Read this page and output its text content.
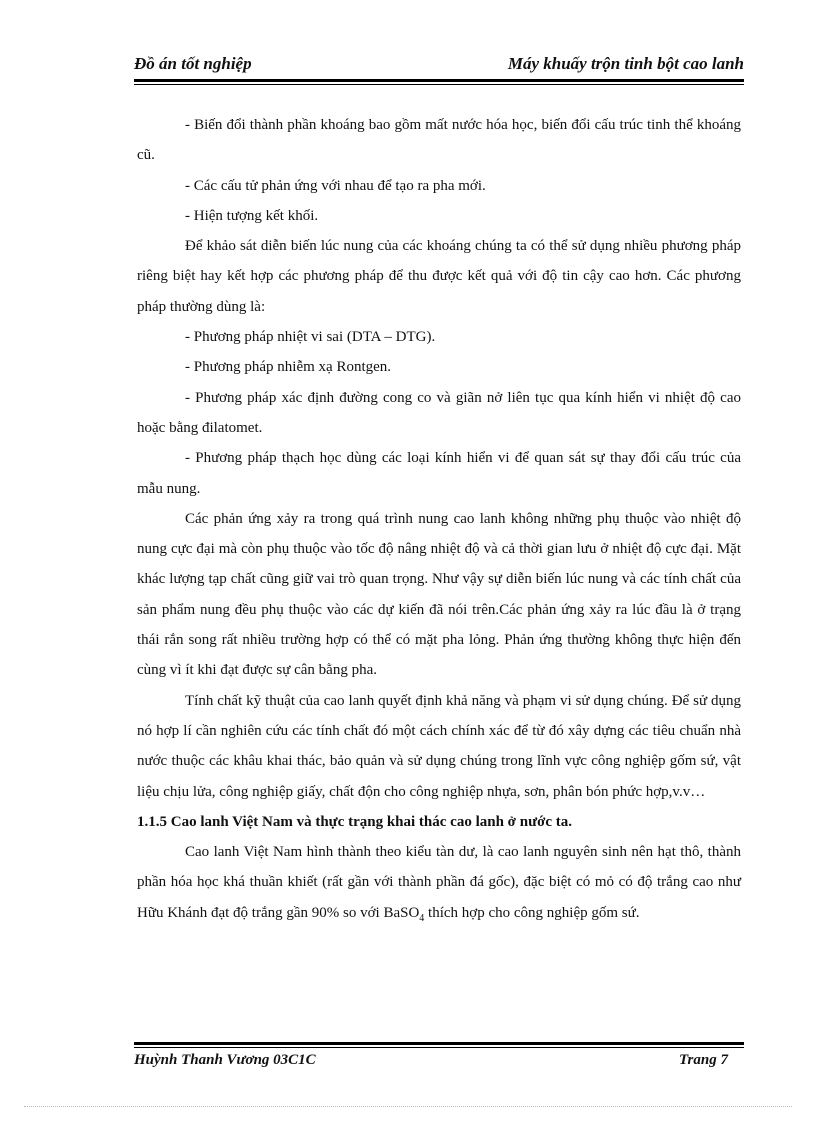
Đồ án tốt nghiệp	Máy khuấy trộn tinh bột cao lanh

- Biến đổi thành phần khoáng bao gồm mất nước hóa học, biến đổi cấu trúc tinh thể khoáng cũ.

- Các cấu tử phản ứng với nhau để tạo ra pha mới.

- Hiện tượng kết khối.

Để khảo sát diễn biến lúc nung của các khoáng chúng ta có thể sử dụng nhiều phương pháp riêng biệt hay kết hợp các phương pháp để thu được kết quả với độ tin cậy cao hơn. Các phương pháp thường dùng là:

- Phương pháp nhiệt vi sai (DTA – DTG).

- Phương pháp nhiễm xạ Rontgen.

- Phương pháp xác định đường cong co và giãn nở liên tục qua kính hiển vi nhiệt độ cao hoặc bằng đilatomet.

- Phương pháp thạch học dùng các loại kính hiển vi để quan sát sự thay đổi cấu trúc của mẫu nung.

Các phản ứng xảy ra trong quá trình nung cao lanh không những phụ thuộc vào nhiệt độ nung cực đại mà còn phụ thuộc vào tốc độ nâng nhiệt độ và cả thời gian lưu ở nhiệt độ cực đại. Mặt khác lượng tạp chất cũng giữ vai trò quan trọng. Như vậy sự diễn biến lúc nung và các tính chất của sản phẩm nung đều phụ thuộc vào các dự kiến đã nói trên.Các phản ứng xảy ra lúc đầu là ở trạng thái rắn song rất nhiều trường hợp có thể có mặt pha lỏng. Phản ứng thường không thực hiện đến cùng vì ít khi đạt được sự cân bằng pha.

Tính chất kỹ thuật của cao lanh quyết định khả năng và phạm vi sử dụng chúng. Để sử dụng nó hợp lí cần nghiên cứu các tính chất đó một cách chính xác để từ đó xây dựng các tiêu chuẩn nhà nước thuộc các khâu khai thác, bảo quản và sử dụng chúng trong lĩnh vực công nghiệp gốm sứ, vật liệu chịu lửa, công nghiệp giấy, chất độn cho công nghiệp nhựa, sơn, phân bón phức hợp,v.v…

1.1.5 Cao lanh Việt Nam và thực trạng khai thác cao lanh ở nước ta.

Cao lanh Việt Nam hình thành theo kiểu tàn dư, là cao lanh nguyên sinh nên hạt thô, thành phần hóa học khá thuần khiết (rất gần với thành phần đá gốc), đặc biệt có mỏ có độ trắng cao như Hữu Khánh đạt độ trắng gần 90% so với BaSO$_4$ thích hợp cho công nghiệp gốm sứ.

Huỳnh Thanh Vương 03C1C	Trang 7
